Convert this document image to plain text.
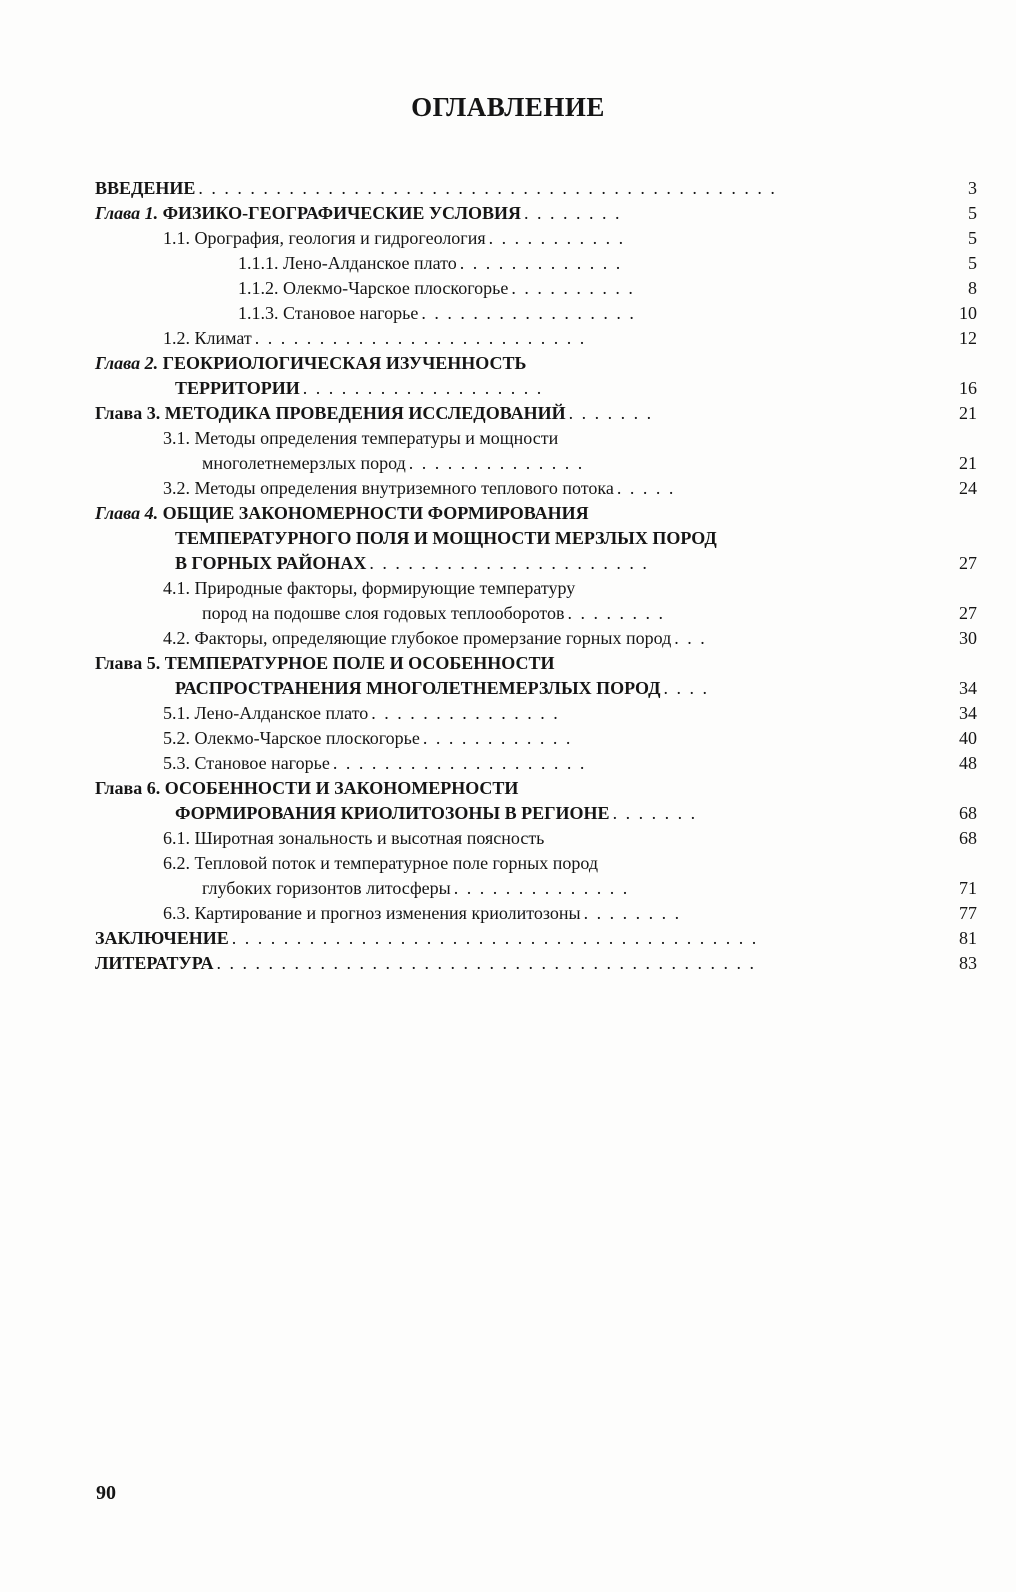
ОГЛАВЛЕНИЕ
ВВЕДЕНИЕ .............................................	3
Глава 1. ФИЗИКО-ГЕОГРАФИЧЕСКИЕ УСЛОВИЯ ........	5
1.1. Орография, геология и гидрогеология ...........	5
1.1.1. Лено-Алданское плато .............	5
1.1.2. Олекмо-Чарское плоскогорье ..........	8
1.1.3. Становое нагорье .................	10
1.2. Климат ..........................	12
Глава 2. ГЕОКРИОЛОГИЧЕСКАЯ ИЗУЧЕННОСТЬ
ТЕРРИТОРИИ ...................	16
Глава 3. МЕТОДИКА ПРОВЕДЕНИЯ ИССЛЕДОВАНИЙ .......	21
3.1. Методы определения температуры и мощности
многолетнемерзлых пород ..............	21
3.2. Методы определения внутриземного теплового потока .....	24
Глава 4. ОБЩИЕ ЗАКОНОМЕРНОСТИ ФОРМИРОВАНИЯ
ТЕМПЕРАТУРНОГО ПОЛЯ И МОЩНОСТИ МЕРЗЛЫХ ПОРОД
В ГОРНЫХ РАЙОНАХ ......................	27
4.1. Природные факторы, формирующие температуру
пород на подошве слоя годовых теплооборотов ........	27
4.2. Факторы, определяющие глубокое промерзание горных пород ...	30
Глава 5. ТЕМПЕРАТУРНОЕ ПОЛЕ И ОСОБЕННОСТИ
РАСПРОСТРАНЕНИЯ МНОГОЛЕТНЕМЕРЗЛЫХ ПОРОД ....	34
5.1. Лено-Алданское плато ...............	34
5.2. Олекмо-Чарское плоскогорье ............	40
5.3. Становое нагорье ....................	48
Глава 6. ОСОБЕННОСТИ И ЗАКОНОМЕРНОСТИ
ФОРМИРОВАНИЯ КРИОЛИТОЗОНЫ В РЕГИОНЕ .......	68
6.1. Широтная зональность и высотная поясность	68
6.2. Тепловой поток и температурное поле горных пород
глубоких горизонтов литосферы ..............	71
6.3. Картирование и прогноз изменения криолитозоны ........	77
ЗАКЛЮЧЕНИЕ .........................................	81
ЛИТЕРАТУРА ..........................................	83
90
